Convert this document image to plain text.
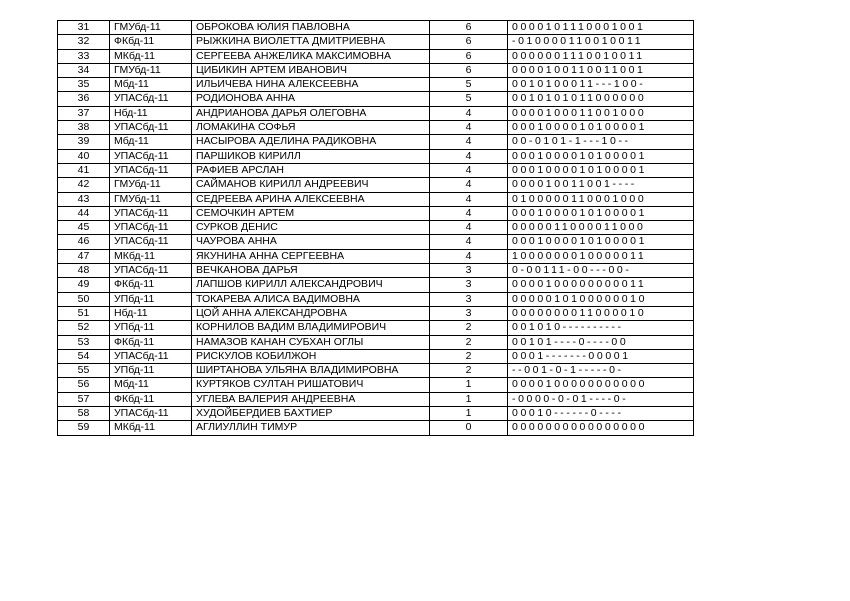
31	ГМУбд-11	ОБРОКОВА ЮЛИЯ ПАВЛОВНА	6	0000101110001001
32	ФКбд-11	РЫЖКИНА ВИОЛЕТТА ДМИТРИЕВНА	6	-010000110010011
33	МКбд-11	СЕРГЕЕВА АНЖЕЛИКА МАКСИМОВНА	6	0000001110010011
34	ГМУбд-11	ЦИБИКИН АРТЕМ ИВАНОВИЧ	6	0000100110011001
35	Мбд-11	ИЛЬИЧЕВА НИНА АЛЕКСЕЕВНА	5	0010100011---100-
36	УПАСбд-11	РОДИОНОВА АННА	5	0010101011000000
37	Нбд-11	АНДРИАНОВА ДАРЬЯ ОЛЕГОВНА	4	0000100011001000
38	УПАСбд-11	ЛОМАКИНА СОФЬЯ	4	0001000010100001
39	Мбд-11	НАСЫРОВА АДЕЛИНА РАДИКОВНА	4	00-0101-1---10--
40	УПАСбд-11	ПАРШИКОВ КИРИЛЛ	4	0001000010100001
41	УПАСбд-11	РАФИЕВ АРСЛАН	4	0001000010100001
42	ГМУбд-11	САЙМАНОВ КИРИЛЛ АНДРЕЕВИЧ	4	000010011001----
43	ГМУбд-11	СЕДРЕЕВА АРИНА АЛЕКСЕЕВНА	4	0100000110001000
44	УПАСбд-11	СЕМОЧКИН АРТЕМ	4	0001000010100001
45	УПАСбд-11	СУРКОВ ДЕНИС	4	0000011000011000
46	УПАСбд-11	ЧАУРОВА АННА	4	0001000010100001
47	МКбд-11	ЯКУНИНА АННА СЕРГЕЕВНА	4	1000000010000011
48	УПАСбд-11	ВЕЧКАНОВА ДАРЬЯ	3	0-00111-00---00-
49	ФКбд-11	ЛАПШОВ КИРИЛЛ АЛЕКСАНДРОВИЧ	3	0000100000000011
50	УПбд-11	ТОКАРЕВА АЛИСА ВАДИМОВНА	3	0000010100000010
51	Нбд-11	ЦОЙ АННА АЛЕКСАНДРОВНА	3	0000000011000010
52	УПбд-11	КОРНИЛОВ ВАДИМ ВЛАДИМИРОВИЧ	2	001010----------
53	ФКбд-11	НАМАЗОВ КАНАН СУБХАН ОГЛЫ	2	00101----0----00
54	УПАСбд-11	РИСКУЛОВ КОБИЛЖОН	2	0001-------00001
55	УПбд-11	ШИРТАНОВА УЛЬЯНА ВЛАДИМИРОВНА	2	--001-0-1-----0-
56	Мбд-11	КУРТЯКОВ СУЛТАН РИШАТОВИЧ	1	0000100000000000
57	ФКбд-11	УГЛЕВА ВАЛЕРИЯ АНДРЕЕВНА	1	-0000-0-01----0-
58	УПАСбд-11	ХУДОЙБЕРДИЕВ БАХТИЕР	1	00010------0----
59	МКбд-11	АГЛИУЛЛИН ТИМУР	0	0000000000000000
